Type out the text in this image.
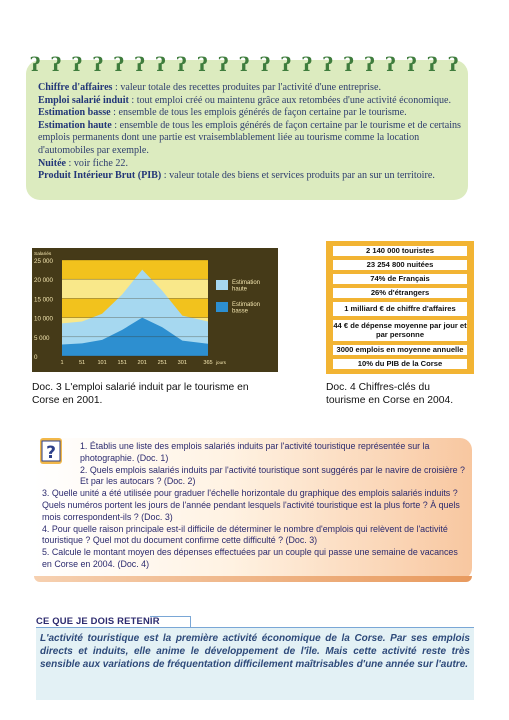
ʔ ʔ ʔ ʔ ʔ ʔ ʔ ʔ ʔ ʔ ʔ ʔ ʔ ʔ ʔ ʔ ʔ ʔ ʔ ʔ ʔ

Chiffre d'affaires : valeur totale des recettes produites par l'activité d'une entreprise.

Emploi salarié induit : tout emploi créé ou maintenu grâce aux retombées d'une activité économique.

Estimation basse : ensemble de tous les emplois générés de façon certaine par le tourisme.

Estimation haute : ensemble de tous les emplois générés de façon certaine par le tourisme et de certains emplois permanents dont une partie est vraisemblablement liée au tourisme comme la location d'automobiles par exemple.

Nuitée : voir fiche 22.

Produit Intérieur Brut (PIB) : valeur totale des biens et services produits par an sur un territoire.

0
5 000
10 000
15 000
20 000
25 000
Salariés
1	51 101 151 201 251 301	365 jours
Estimation
haute
Estimation
basse
Doc. 3 L'emploi salarié induit par le tourisme en
Corse en 2001.
2 140 000 touristes
23 254 800 nuitées
74% de Français
26% d'étrangers
1 milliard € de chiffre d'affaires
44 € de dépense moyenne par jour et par personne
3000 emplois en moyenne annuelle
10% du PIB de la Corse
Doc. 4 Chiffres-clés du
tourisme en Corse en 2004.
?	1. Établis une liste des emplois salariés induits par l'activité touristique représentée sur la photographie. (Doc. 1)

2. Quels emplois salariés induits par l'activité touristique sont suggérés par le navire de croisière ? Et par les autocars ? (Doc. 2)

3. Quelle unité a été utilisée pour graduer l'échelle horizontale du graphique des emplois salariés induits ? Quels numéros portent les jours de l'année pendant lesquels l'activité touristique est la plus forte ? À quels mois correspondent-ils ? (Doc. 3)

4. Pour quelle raison principale est-il difficile de déterminer le nombre d'emplois qui relèvent de l'activité touristique ? Quel mot du document confirme cette difficulté ? (Doc. 3)

5. Calcule le montant moyen des dépenses effectuées par un couple qui passe une semaine de vacances en Corse en 2004. (Doc. 4)

CE QUE JE DOIS RETENIR
L'activité touristique est la première activité économique de la Corse. Par ses emplois directs et induits, elle anime le développement de l'île. Mais cette activité reste très sensible aux variations de fréquentation difficilement maîtrisables d'une année sur l'autre.
